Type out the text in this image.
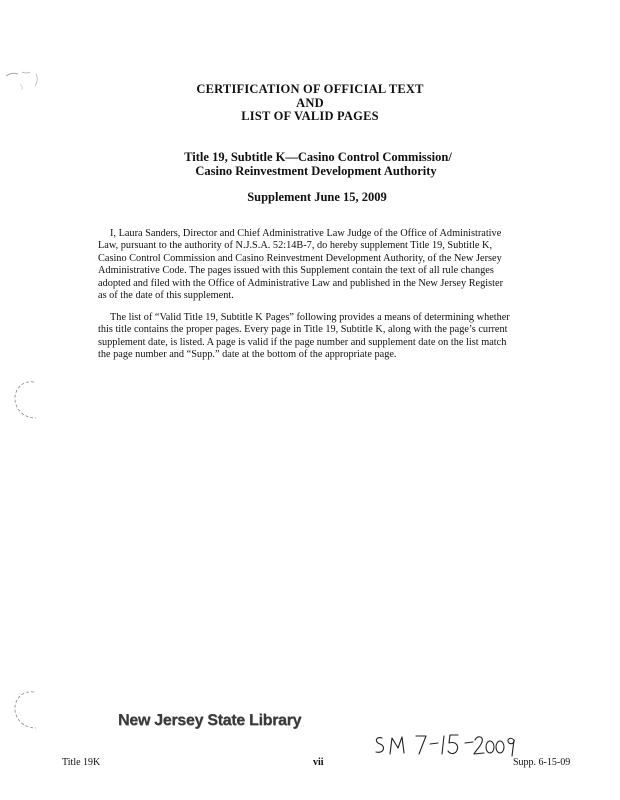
CERTIFICATION OF OFFICIAL TEXT
AND
LIST OF VALID PAGES
Title 19, Subtitle K—Casino Control Commission/
Casino Reinvestment Development Authority
Supplement June 15, 2009
I, Laura Sanders, Director and Chief Administrative Law Judge of the Office of Administrative
Law, pursuant to the authority of N.J.S.A. 52:14B-7, do hereby supplement Title 19, Subtitle K,
Casino Control Commission and Casino Reinvestment Development Authority, of the New Jersey
Administrative Code. The pages issued with this Supplement contain the text of all rule changes
adopted and filed with the Office of Administrative Law and published in the New Jersey Register
as of the date of this supplement.
The list of “Valid Title 19, Subtitle K Pages” following provides a means of determining whether
this title contains the proper pages. Every page in Title 19, Subtitle K, along with the page’s current
supplement date, is listed. A page is valid if the page number and supplement date on the list match
the page number and “Supp.” date at the bottom of the appropriate page.
New Jersey State Library
Title 19K	vii	Supp. 6-15-09
